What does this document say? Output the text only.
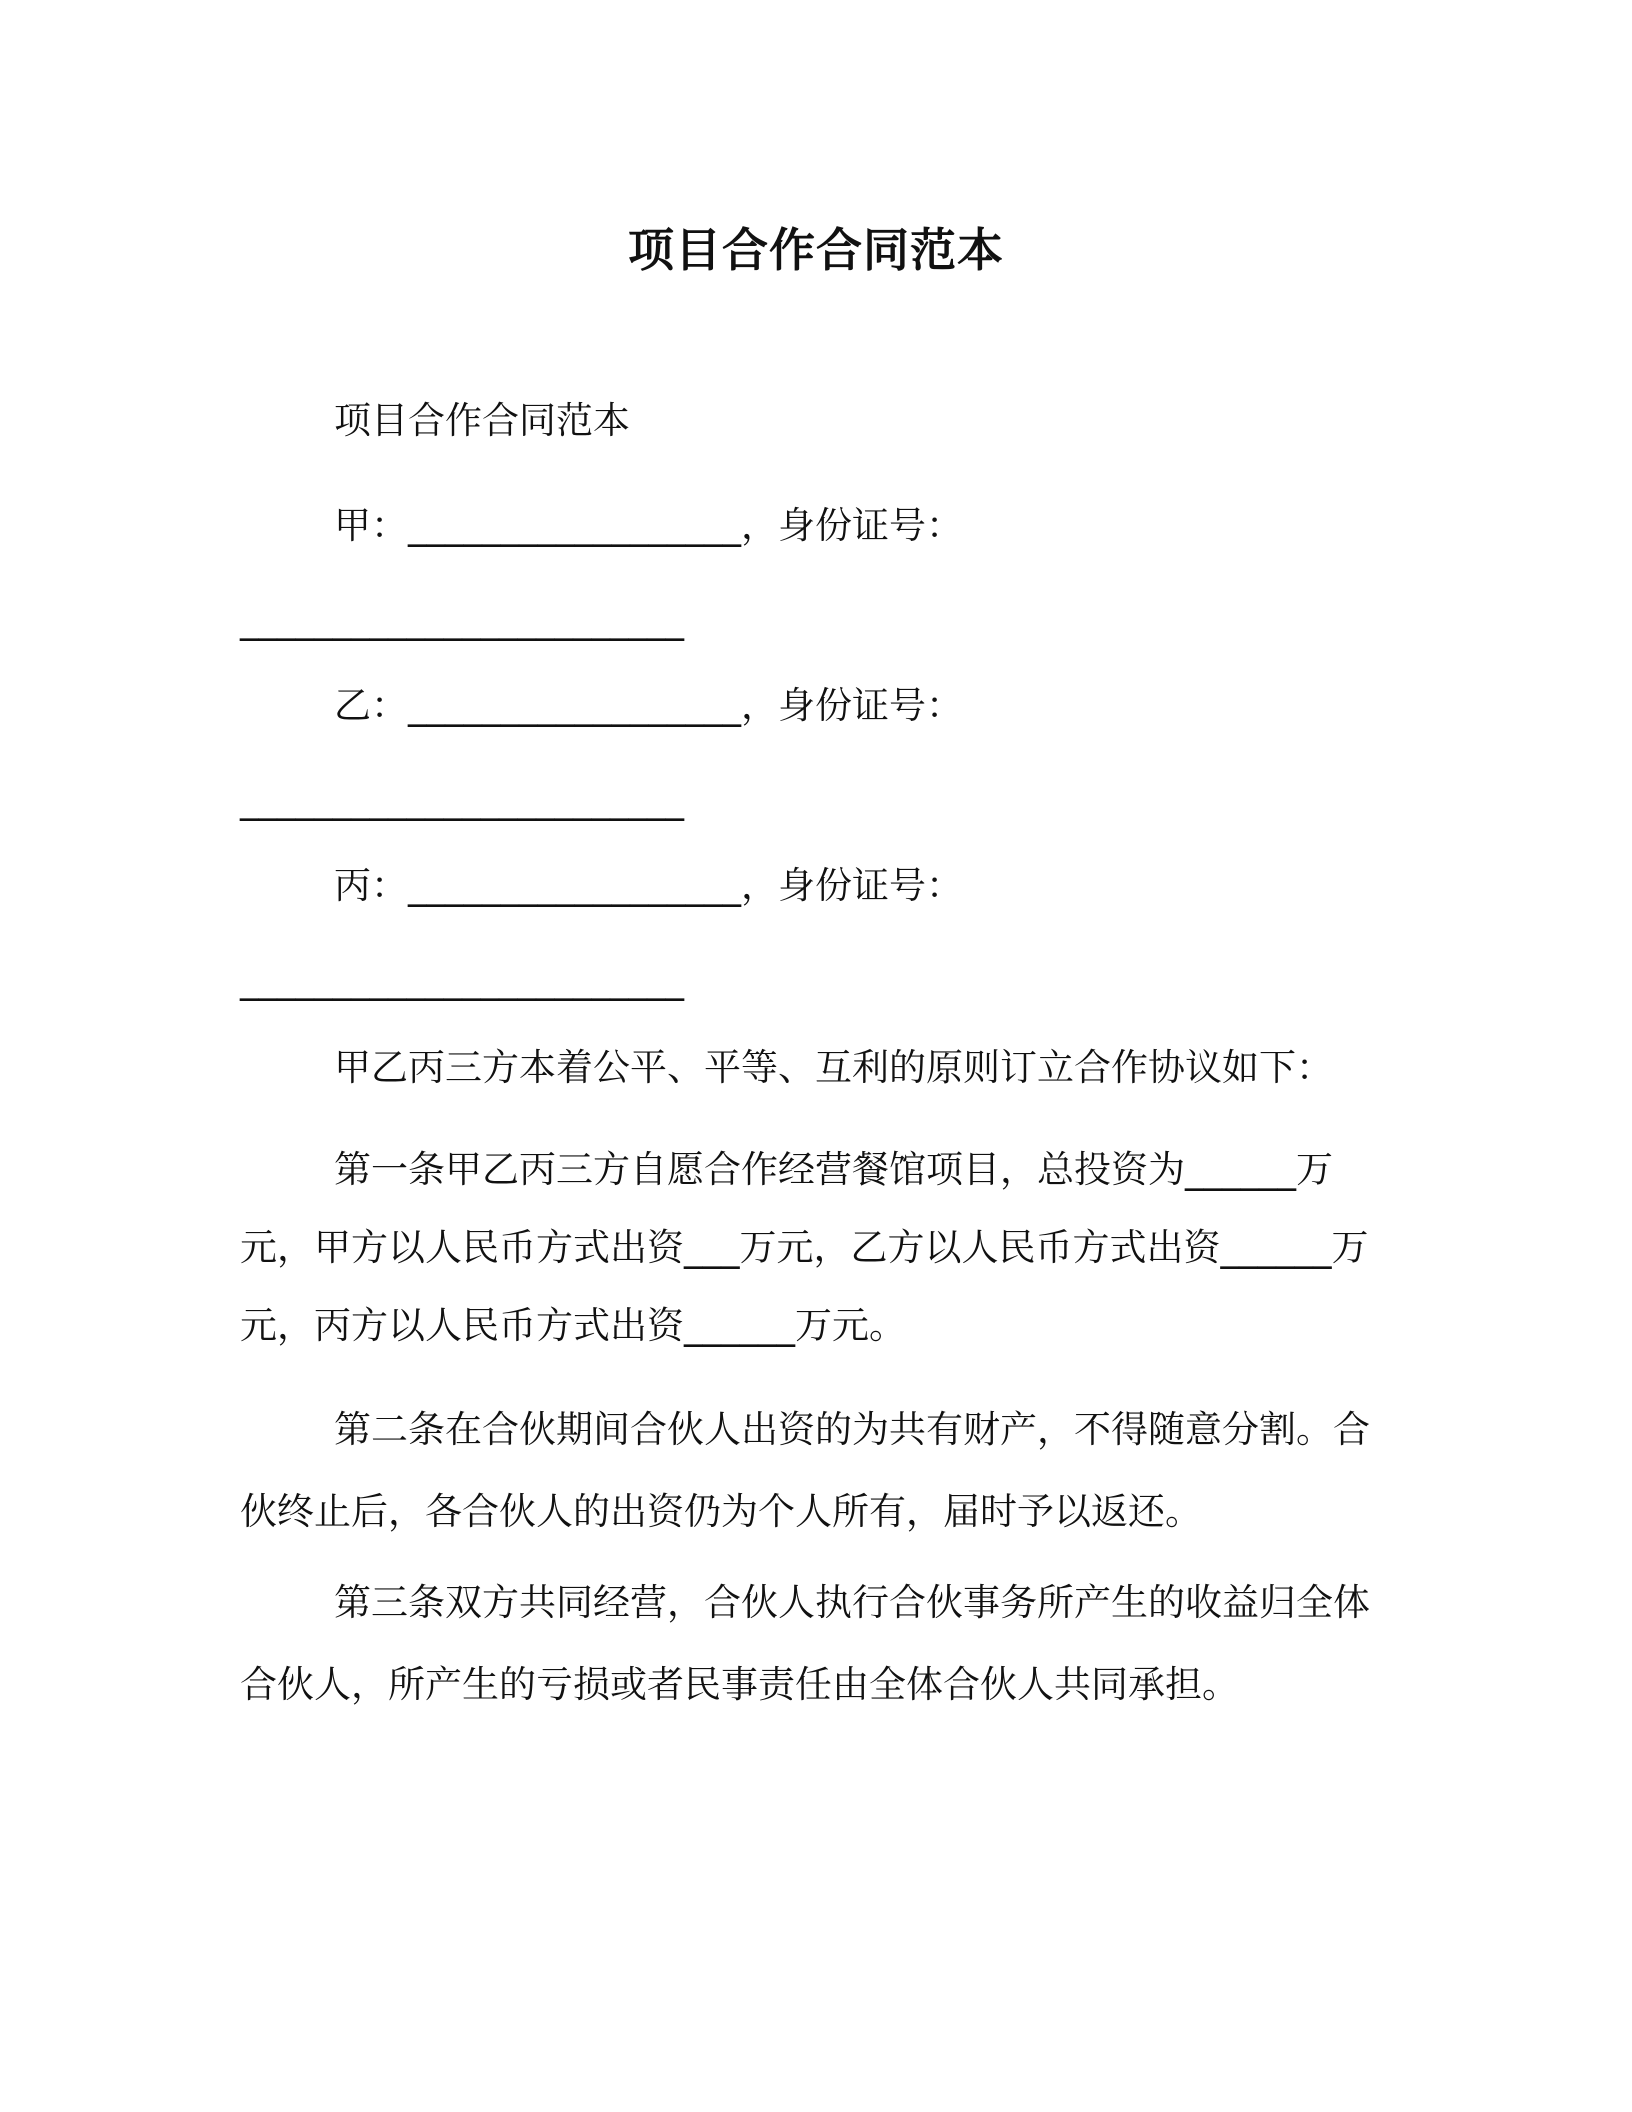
项目合作合同范本

项目合作合同范本

甲：__________________，身份证号：

________________________

乙：__________________，身份证号：

________________________

丙：__________________，身份证号：

________________________

甲乙丙三方本着公平、平等、互利的原则订立合作协议如下：

第一条甲乙丙三方自愿合作经营餐馆项目，总投资为______万元，甲方以人民币方式出资___万元，乙方以人民币方式出资______万元，丙方以人民币方式出资______万元。

第二条在合伙期间合伙人出资的为共有财产，不得随意分割。合伙终止后，各合伙人的出资仍为个人所有，届时予以返还。

第三条双方共同经营，合伙人执行合伙事务所产生的收益归全体合伙人，所产生的亏损或者民事责任由全体合伙人共同承担。
